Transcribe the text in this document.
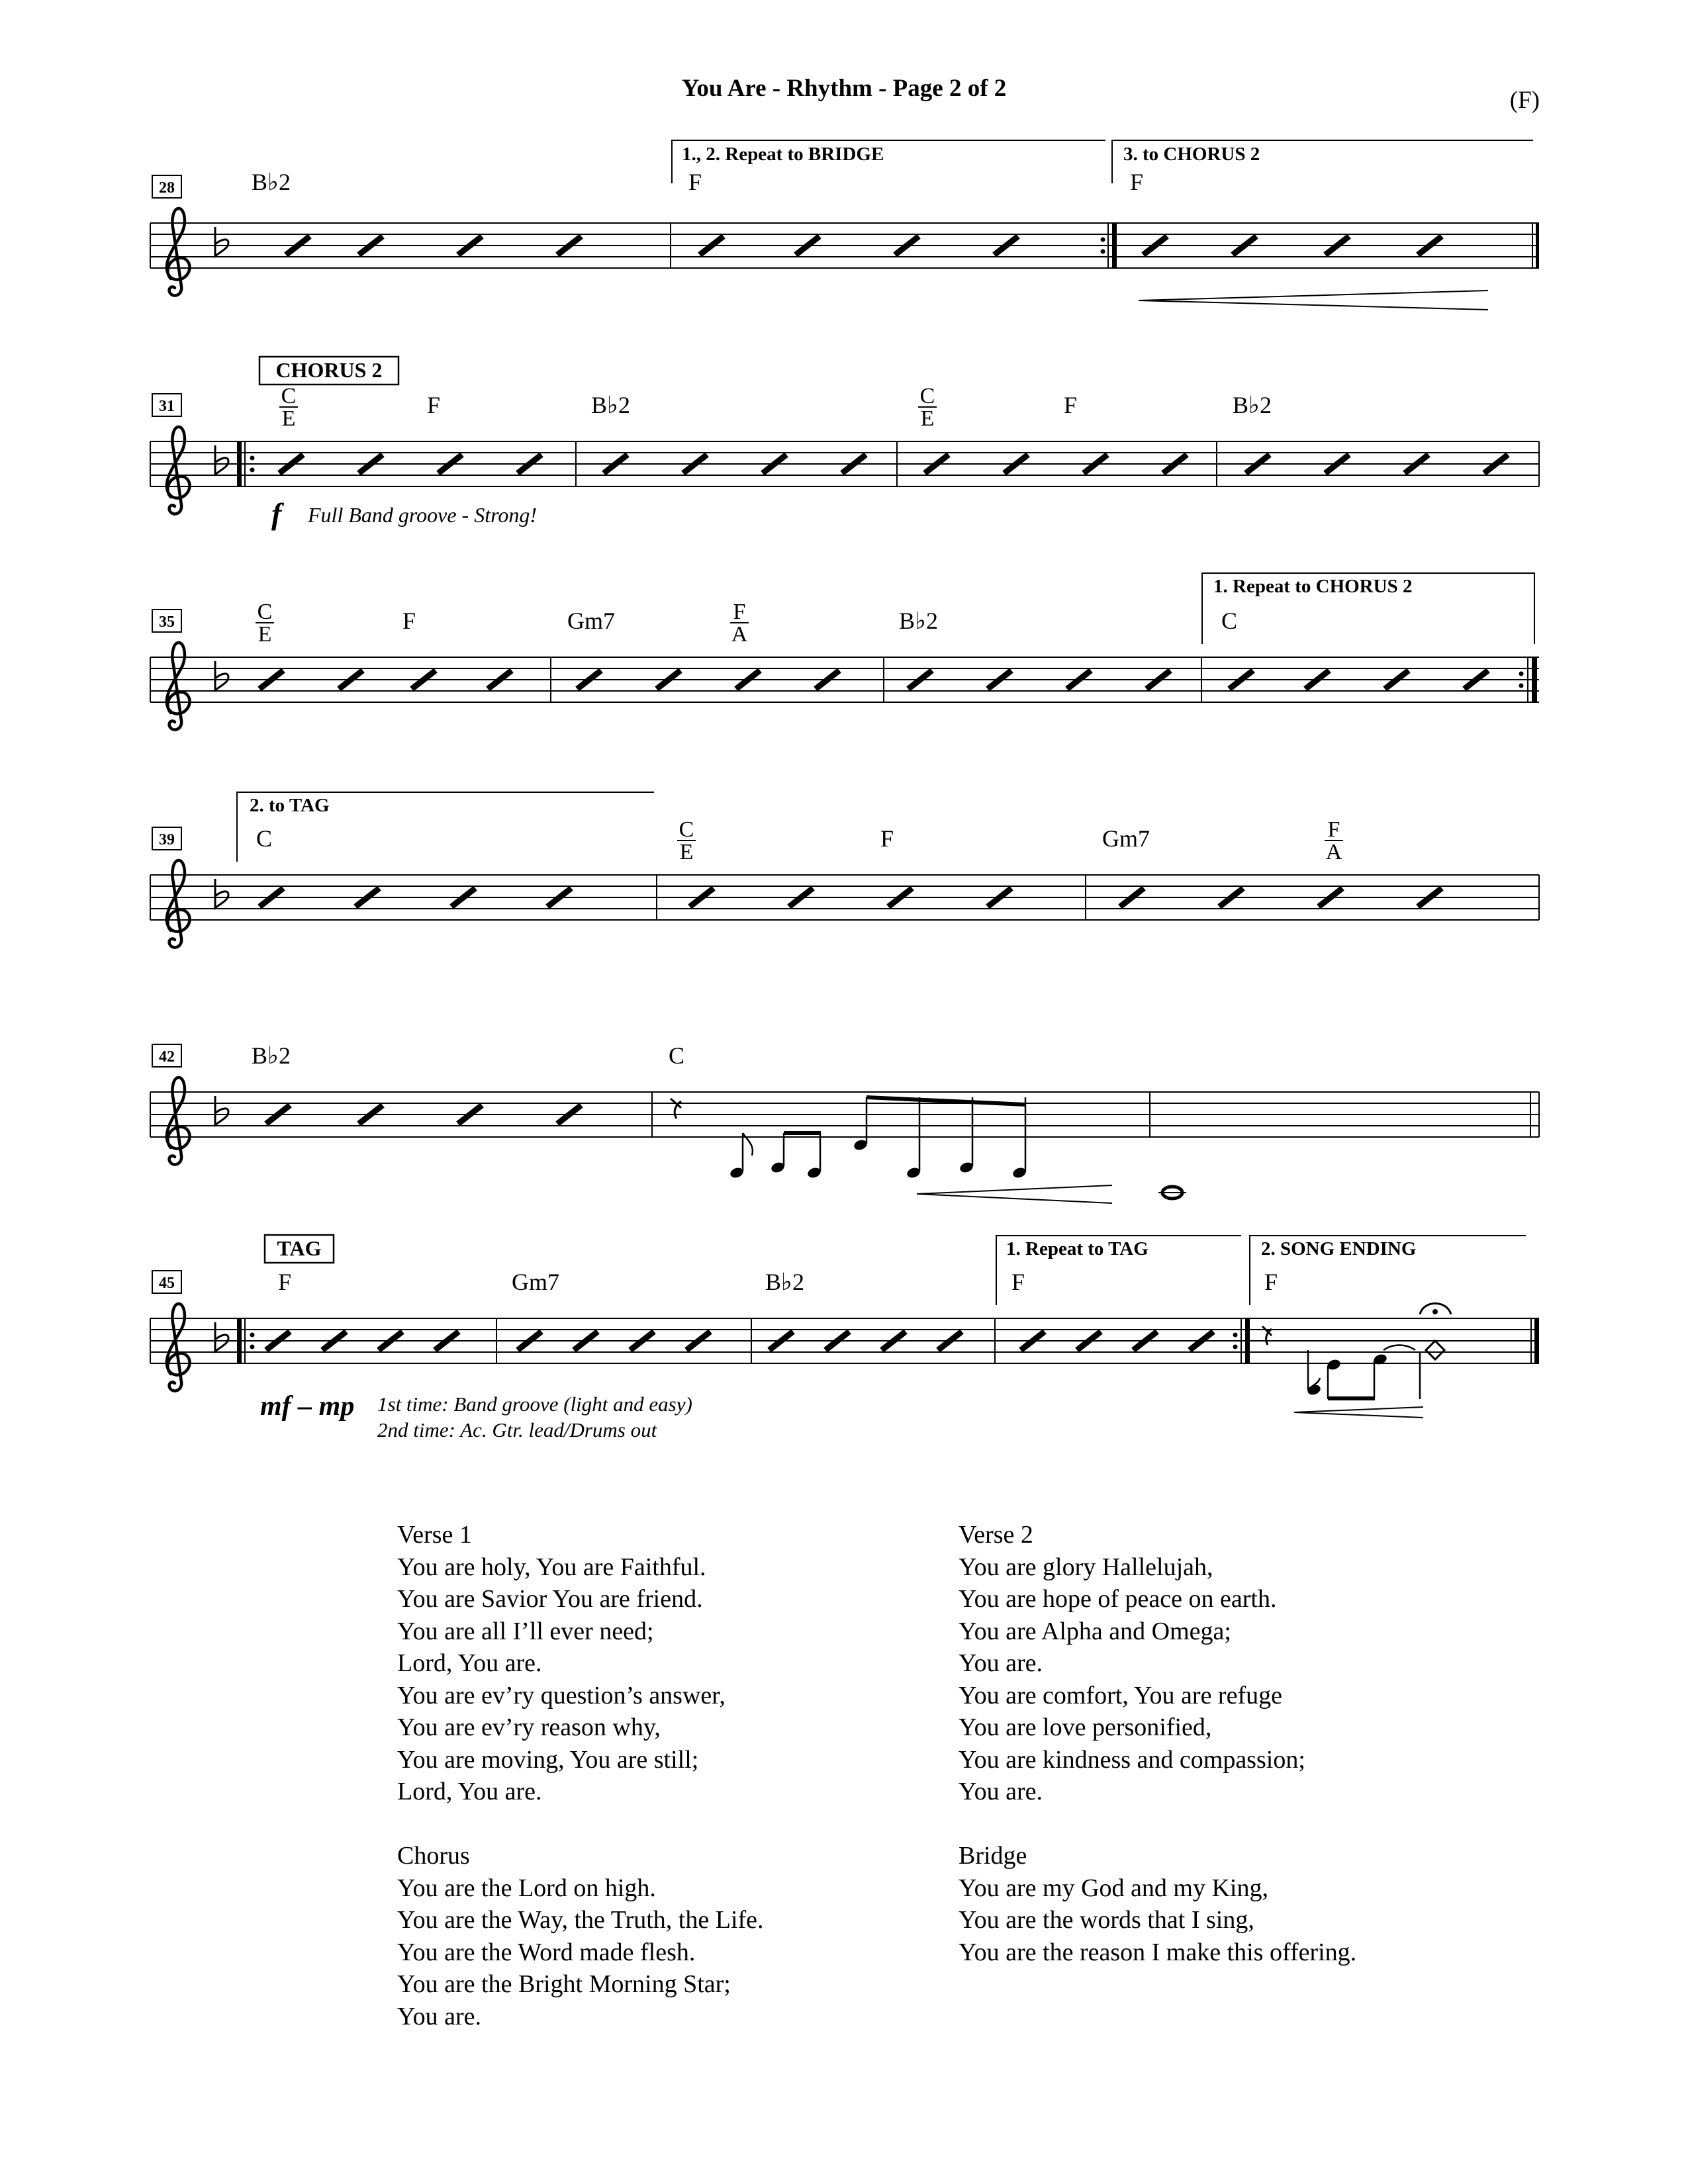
You Are - Rhythm - Page 2 of 2	(F)
28	B♭2	F	F
1., 2. Repeat to BRIDGE	3. to CHORUS 2
31
CHORUS 2
C
E
F	B♭2	C
E
F	B♭2
f Full Band groove - Strong!
35	C
E
F	Gm7	F
A
B♭2	C
1. Repeat to CHORUS 2
39	C	C
E
F	Gm7	F
A
2. to TAG
42	B♭2	C
45
TAG
F	Gm7	B♭2	F	F
1. Repeat to TAG	2. SONG ENDING
mf – mp 1st time: Band groove (light and easy)
2nd time: Ac. Gtr. lead/Drums out
Verse 1
You are holy, You are Faithful.
You are Savior You are friend.
You are all I’ll ever need;
Lord, You are.
You are ev’ry question’s answer,
You are ev’ry reason why,
You are moving, You are still;
Lord, You are.
Chorus
You are the Lord on high.
You are the Way, the Truth, the Life.
You are the Word made flesh.
You are the Bright Morning Star;
You are.
Verse 2
You are glory Hallelujah,
You are hope of peace on earth.
You are Alpha and Omega;
You are.
You are comfort, You are refuge
You are love personified,
You are kindness and compassion;
You are.
Bridge
You are my God and my King,
You are the words that I sing,
You are the reason I make this offering.
